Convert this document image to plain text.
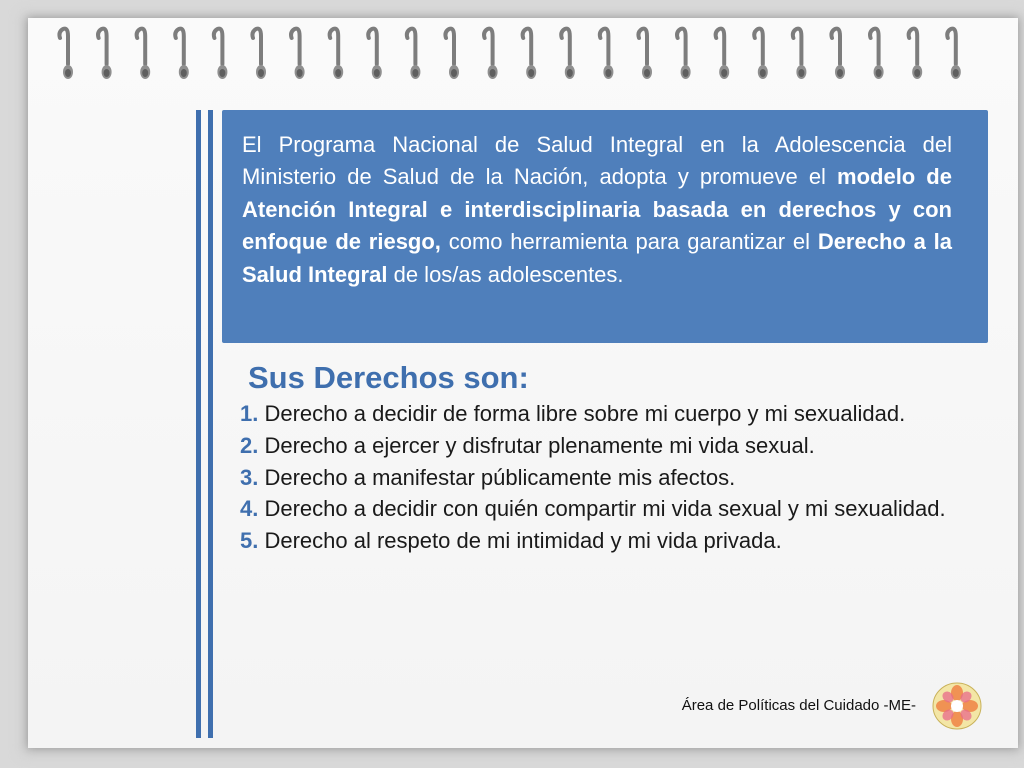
El Programa Nacional de Salud Integral en la Adolescencia del Ministerio de Salud de la Nación, adopta y promueve el modelo de Atención Integral e interdisciplinaria basada en derechos y con enfoque de riesgo, como herramienta para garantizar el Derecho a la Salud Integral de los/as adolescentes.
Sus Derechos son:
1. Derecho a decidir de forma libre sobre mi cuerpo y mi sexualidad.
2. Derecho a ejercer y disfrutar plenamente mi vida sexual.
3. Derecho a manifestar públicamente mis afectos.
4. Derecho a decidir con quién compartir mi vida sexual y mi sexualidad.
5. Derecho al respeto de mi intimidad y mi vida privada.
Área de Políticas del Cuidado -ME-
